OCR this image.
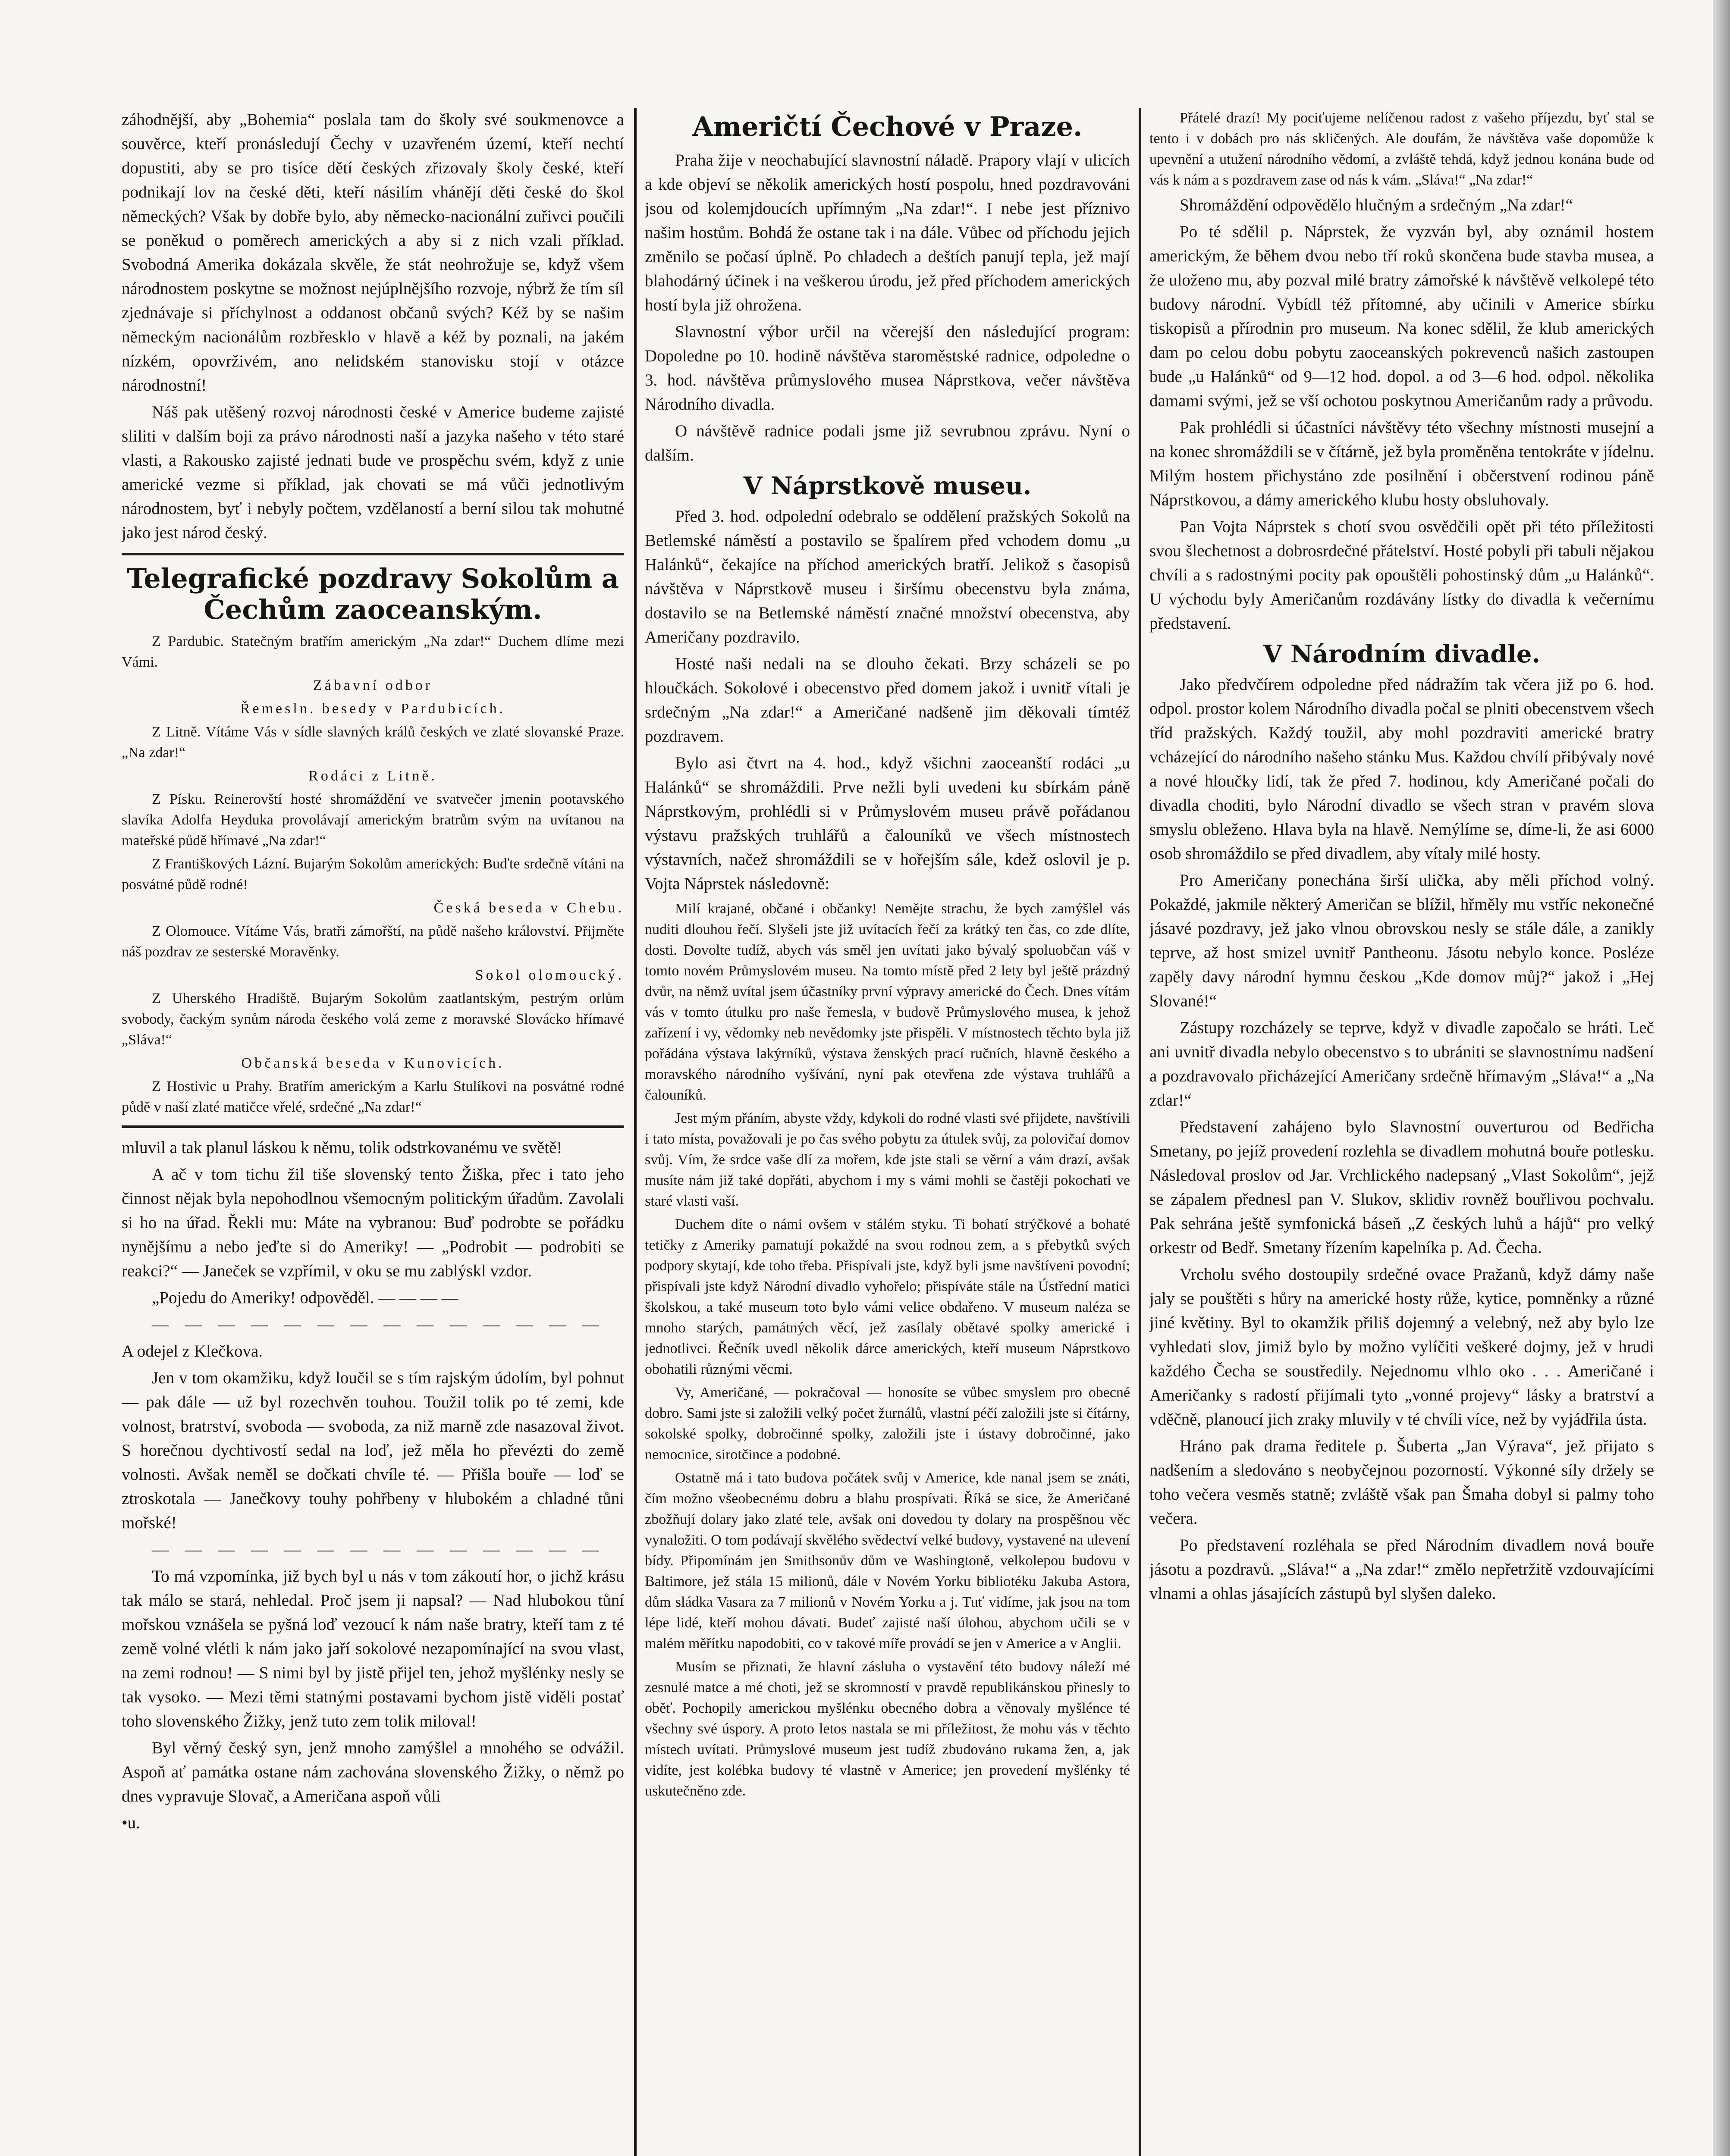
záhodnější, aby „Bohemia“ poslala tam do školy své soukmenovce a souvěrce, kteří pronásledují Čechy v uzavřeném území, kteří nechtí dopustiti, aby se pro tisíce dětí českých zřizovaly školy české, kteří podnikají lov na české děti, kteří násilím vhánějí děti české do škol německých? Však by dobře bylo, aby německo-nacionální zuřivci poučili se poněkud o poměrech amerických a aby si z nich vzali příklad. Svobodná Amerika dokázala skvěle, že stát neohrožuje se, když všem národnostem poskytne se možnost nejúplnějšího rozvoje, nýbrž že tím síl zjednávaje si příchylnost a oddanost občanů svých? Kéž by se našim německým nacionálům rozbřesklo v hlavě a kéž by poznali, na jakém nízkém, opovrživém, ano nelidském stanovisku stojí v otázce národnostní!

Náš pak utěšený rozvoj národnosti české v Americe budeme zajisté sliliti v dalším boji za právo národnosti naší a jazyka našeho v této staré vlasti, a Rakousko zajisté jednati bude ve prospěchu svém, když z unie americké vezme si příklad, jak chovati se má vůči jednotlivým národnostem, byť i nebyly počtem, vzdělaností a berní silou tak mohutné jako jest národ český.

Telegrafické pozdravy Sokolům a Čechům zaoceanským.

Z Pardubic. Statečným bratřím americkým „Na zdar!“ Duchem dlíme mezi Vámi.

Zábavní odbor

Řemesln. besedy v Pardubicích.

Z Litně. Vítáme Vás v sídle slavných králů českých ve zlaté slovanské Praze. „Na zdar!“

Rodáci z Litně.

Z Písku. Reinerovští hosté shromáždění ve svatvečer jmenin pootavského slavíka Adolfa Heyduka provolávají americkým bratrům svým na uvítanou na mateřské půdě hřímavé „Na zdar!“

Z Františkových Lázní. Bujarým Sokolům amerických: Buďte srdečně vítáni na posvátné půdě rodné!

Česká beseda v Chebu.

Z Olomouce. Vítáme Vás, bratři zámořští, na půdě našeho království. Přijměte náš pozdrav ze sesterské Moravěnky.

Sokol olomoucký.

Z Uherského Hradiště. Bujarým Sokolům zaatlantským, pestrým orlům svobody, čackým synům národa českého volá zeme z moravské Slovácko hřímavé „Sláva!“

Občanská beseda v Kunovicích.

Z Hostivic u Prahy. Bratřím americkým a Karlu Stulíkovi na posvátné rodné půdě v naší zlaté matičce vřelé, srdečné „Na zdar!“

mluvil a tak planul láskou k němu, tolik odstrkovanému ve světě!

A ač v tom tichu žil tiše slovenský tento Žiška, přec i tato jeho činnost nějak byla nepohodlnou všemocným politickým úřadům. Zavolali si ho na úřad. Řekli mu: Máte na vybranou: Buď podrobte se pořádku nynějšímu a nebo jeďte si do Ameriky! — „Podrobit — podrobiti se reakci?“ — Janeček se vzpřímil, v oku se mu zablýskl vzdor.

„Pojedu do Ameriky! odpověděl. — — — —

— — — — — — — — — — — — — —

A odejel z Klečkova.

Jen v tom okamžiku, když loučil se s tím rajským údolím, byl pohnut — pak dále — už byl rozechvěn touhou. Toužil tolik po té zemi, kde volnost, bratrství, svoboda — svoboda, za niž marně zde nasazoval život. S horečnou dychtivostí sedal na loď, jež měla ho převézti do země volnosti. Avšak neměl se dočkati chvíle té. — Přišla bouře — loď se ztroskotala — Janečkovy touhy pohřbeny v hlubokém a chladné tůni mořské!

— — — — — — — — — — — — — —

To má vzpomínka, již bych byl u nás v tom zákoutí hor, o jichž krásu tak málo se stará, nehledal. Proč jsem ji napsal? — Nad hlubokou tůní mořskou vznášela se pyšná loď vezoucí k nám naše bratry, kteří tam z té země volné vlétli k nám jako jaří sokolové nezapomínající na svou vlast, na zemi rodnou! — S nimi byl by jistě přijel ten, jehož myšlénky nesly se tak vysoko. — Mezi těmi statnými postavami bychom jistě viděli postať toho slovenského Žižky, jenž tuto zem tolik miloval!

Byl věrný český syn, jenž mnoho zamýšlel a mnohého se odvážil. Aspoň ať památka ostane nám zachována slovenského Žižky, o němž po dnes vypravuje Slovač, a Američana aspoň vůli

•u.

Američtí Čechové v Praze.

Praha žije v neochabující slavnostní náladě. Prapory vlají v ulicích a kde objeví se několik amerických hostí pospolu, hned pozdravováni jsou od kolemjdoucích upřímným „Na zdar!“. I nebe jest příznivo našim hostům. Bohdá že ostane tak i na dále. Vůbec od příchodu jejich změnilo se počasí úplně. Po chladech a deštích panují tepla, jež mají blahodárný účinek i na veškerou úrodu, jež před příchodem amerických hostí byla již ohrožena.

Slavnostní výbor určil na včerejší den následující program: Dopoledne po 10. hodině návštěva staroměstské radnice, odpoledne o 3. hod. návštěva průmyslového musea Náprstkova, večer návštěva Národního divadla.

O návštěvě radnice podali jsme již sevrubnou zprávu. Nyní o dalším.

V Náprstkově museu.

Před 3. hod. odpolední odebralo se oddělení pražských Sokolů na Betlemské náměstí a postavilo se špalírem před vchodem domu „u Halánků“, čekajíce na příchod amerických bratří. Jelikož s časopisů návštěva v Náprstkově museu i širšímu obecenstvu byla známa, dostavilo se na Betlemské náměstí značné množství obecenstva, aby Američany pozdravilo.

Hosté naši nedali na se dlouho čekati. Brzy scházeli se po hloučkách. Sokolové i obecenstvo před domem jakož i uvnitř vítali je srdečným „Na zdar!“ a Američané nadšeně jim děkovali tímtéž pozdravem.

Bylo asi čtvrt na 4. hod., když všichni zaoceanští rodáci „u Halánků“ se shromáždili. Prve nežli byli uvedeni ku sbírkám páně Náprstkovým, prohlédli si v Průmyslovém museu právě pořádanou výstavu pražských truhlářů a čalouníků ve všech místnostech výstavních, načež shromáždili se v hořejším sále, kdež oslovil je p. Vojta Náprstek následovně:

Milí krajané, občané i občanky! Nemějte strachu, že bych zamýšlel vás nuditi dlouhou řečí. Slyšeli jste již uvítacích řečí za krátký ten čas, co zde dlíte, dosti. Dovolte tudíž, abych vás směl jen uvítati jako bývalý spoluobčan váš v tomto novém Průmyslovém museu. Na tomto místě před 2 lety byl ještě prázdný dvůr, na němž uvítal jsem účastníky první výpravy americké do Čech. Dnes vítám vás v tomto útulku pro naše řemesla, v budově Průmyslového musea, k jehož zařízení i vy, vědomky neb nevědomky jste přispěli. V místnostech těchto byla již pořádána výstava lakýrníků, výstava ženských prací ručních, hlavně českého a moravského národního vyšívání, nyní pak otevřena zde výstava truhlářů a čalouníků.

Jest mým přáním, abyste vždy, kdykoli do rodné vlasti své přijdete, navštívili i tato místa, považovali je po čas svého pobytu za útulek svůj, za polovičaí domov svůj. Vím, že srdce vaše dlí za mořem, kde jste stali se věrní a vám drazí, avšak musíte nám již také dopřáti, abychom i my s vámi mohli se častěji pokochati ve staré vlasti vaší.

Duchem díte o námi ovšem v stálém styku. Ti bohatí strýčkové a bohaté tetičky z Ameriky pamatují pokaždé na svou rodnou zem, a s přebytků svých podpory skytají, kde toho třeba. Přispívali jste, když byli jsme navštíveni povodní; přispívali jste když Národní divadlo vyhořelo; přispíváte stále na Ústřední matici školskou, a také museum toto bylo vámi velice obdařeno. V museum naléza se mnoho starých, památných věcí, jež zasílaly obětavé spolky americké i jednotlivci. Řečník uvedl několik dárce amerických, kteří museum Náprstkovo obohatili různými věcmi.

Vy, Američané, — pokračoval — honosíte se vůbec smyslem pro obecné dobro. Sami jste si založili velký počet žurnálů, vlastní péčí založili jste si čítárny, sokolské spolky, dobročinné spolky, založili jste i ústavy dobročinné, jako nemocnice, sirotčince a podobné.

Ostatně má i tato budova počátek svůj v Americe, kde nanal jsem se znáti, čím možno všeobecnému dobru a blahu prospívati. Říká se sice, že Američané zbožňují dolary jako zlaté tele, avšak oni dovedou ty dolary na prospěšnou věc vynaložiti. O tom podávají skvělého svědectví velké budovy, vystavené na ulevení bídy. Připomínám jen Smithsonův dům ve Washingtoně, velkolepou budovu v Baltimore, jež stála 15 milionů, dále v Novém Yorku bibliotéku Jakuba Astora, dům sládka Vasara za 7 milionů v Novém Yorku a j. Tuť vidíme, jak jsou na tom lépe lidé, kteří mohou dávati. Budeť zajisté naší úlohou, abychom učili se v malém měřítku napodobiti, co v takové míře provádí se jen v Americe a v Anglii.

Musím se přiznati, že hlavní zásluha o vystavění této budovy náleží mé zesnulé matce a mé choti, jež se skromností v pravdě republikánskou přinesly to oběť. Pochopily americkou myšlénku obecného dobra a věnovaly myšlénce té všechny své úspory. A proto letos nastala se mi příležitost, že mohu vás v těchto místech uvítati. Průmyslové museum jest tudíž zbudováno rukama žen, a, jak vidíte, jest kolébka budovy té vlastně v Americe; jen provedení myšlénky té uskutečněno zde.

Přátelé drazí! My pociťujeme nelíčenou radost z vašeho příjezdu, byť stal se tento i v dobách pro nás skličených. Ale doufám, že návštěva vaše dopomůže k upevnění a utužení národního vědomí, a zvláště tehdá, když jednou konána bude od vás k nám a s pozdravem zase od nás k vám. „Sláva!“ „Na zdar!“

Shromáždění odpovědělo hlučným a srdečným „Na zdar!“

Po té sdělil p. Náprstek, že vyzván byl, aby oznámil hostem americkým, že během dvou nebo tří roků skončena bude stavba musea, a že uloženo mu, aby pozval milé bratry zámořské k návštěvě velkolepé této budovy národní. Vybídl též přítomné, aby učinili v Americe sbírku tiskopisů a přírodnin pro museum. Na konec sdělil, že klub amerických dam po celou dobu pobytu zaoceanských pokrevenců našich zastoupen bude „u Halánků“ od 9—12 hod. dopol. a od 3—6 hod. odpol. několika damami svými, jež se vší ochotou poskytnou Američanům rady a průvodu.

Pak prohlédli si účastníci návštěvy této všechny místnosti musejní a na konec shromáždili se v čítárně, jež byla proměněna tentokráte v jídelnu. Milým hostem přichystáno zde posilnění i občerstvení rodinou páně Náprstkovou, a dámy amerického klubu hosty obsluhovaly.

Pan Vojta Náprstek s chotí svou osvědčili opět při této příležitosti svou šlechetnost a dobrosrdečné přátelství. Hosté pobyli při tabuli nějakou chvíli a s radostnými pocity pak opouštěli pohostinský dům „u Halánků“. U východu byly Američanům rozdávány lístky do divadla k večernímu představení.

V Národním divadle.

Jako předvčírem odpoledne před nádražím tak včera již po 6. hod. odpol. prostor kolem Národního divadla počal se plniti obecenstvem všech tříd pražských. Každý toužil, aby mohl pozdraviti americké bratry vcházející do národního našeho stánku Mus. Každou chvílí přibývaly nové a nové hloučky lidí, tak že před 7. hodinou, kdy Američané počali do divadla choditi, bylo Národní divadlo se všech stran v pravém slova smyslu obleženo. Hlava byla na hlavě. Nemýlíme se, díme-li, že asi 6000 osob shromáždilo se před divadlem, aby vítaly milé hosty.

Pro Američany ponechána širší ulička, aby měli příchod volný. Pokaždé, jakmile některý Američan se blížil, hřměly mu vstříc nekonečné jásavé pozdravy, jež jako vlnou obrovskou nesly se stále dále, a zanikly teprve, až host smizel uvnitř Pantheonu. Jásotu nebylo konce. Posléze zapěly davy národní hymnu českou „Kde domov můj?“ jakož i „Hej Slované!“

Zástupy rozcházely se teprve, když v divadle započalo se hráti. Leč ani uvnitř divadla nebylo obecenstvo s to ubrániti se slavnostnímu nadšení a pozdravovalo přicházející Američany srdečně hřímavým „Sláva!“ a „Na zdar!“

Představení zahájeno bylo Slavnostní ouverturou od Bedřicha Smetany, po jejíž provedení rozlehla se divadlem mohutná bouře potlesku. Následoval proslov od Jar. Vrchlického nadepsaný „Vlast Sokolům“, jejž se zápalem přednesl pan V. Slukov, sklidiv rovněž bouřlivou pochvalu. Pak sehrána ještě symfonická báseň „Z českých luhů a hájů“ pro velký orkestr od Bedř. Smetany řízením kapelníka p. Ad. Čecha.

Vrcholu svého dostoupily srdečné ovace Pražanů, když dámy naše jaly se pouštěti s hůry na americké hosty růže, kytice, pomněnky a různé jiné květiny. Byl to okamžik přiliš dojemný a velebný, než aby bylo lze vyhledati slov, jimiž bylo by možno vylíčiti veškeré dojmy, jež v hrudi každého Čecha se soustředily. Nejednomu vlhlo oko . . . Američané i Američanky s radostí přijímali tyto „vonné projevy“ lásky a bratrství a vděčně, planoucí jich zraky mluvily v té chvíli více, než by vyjádřila ústa.

Hráno pak drama ředitele p. Šuberta „Jan Výrava“, jež přijato s nadšením a sledováno s neobyčejnou pozorností. Výkonné síly držely se toho večera vesměs statně; zvláště však pan Šmaha dobyl si palmy toho večera.

Po představení rozléhala se před Národním divadlem nová bouře jásotu a pozdravů. „Sláva!“ a „Na zdar!“ změlo nepřetržitě vzdouvajícími vlnami a ohlas jásajících zástupů byl slyšen daleko.
